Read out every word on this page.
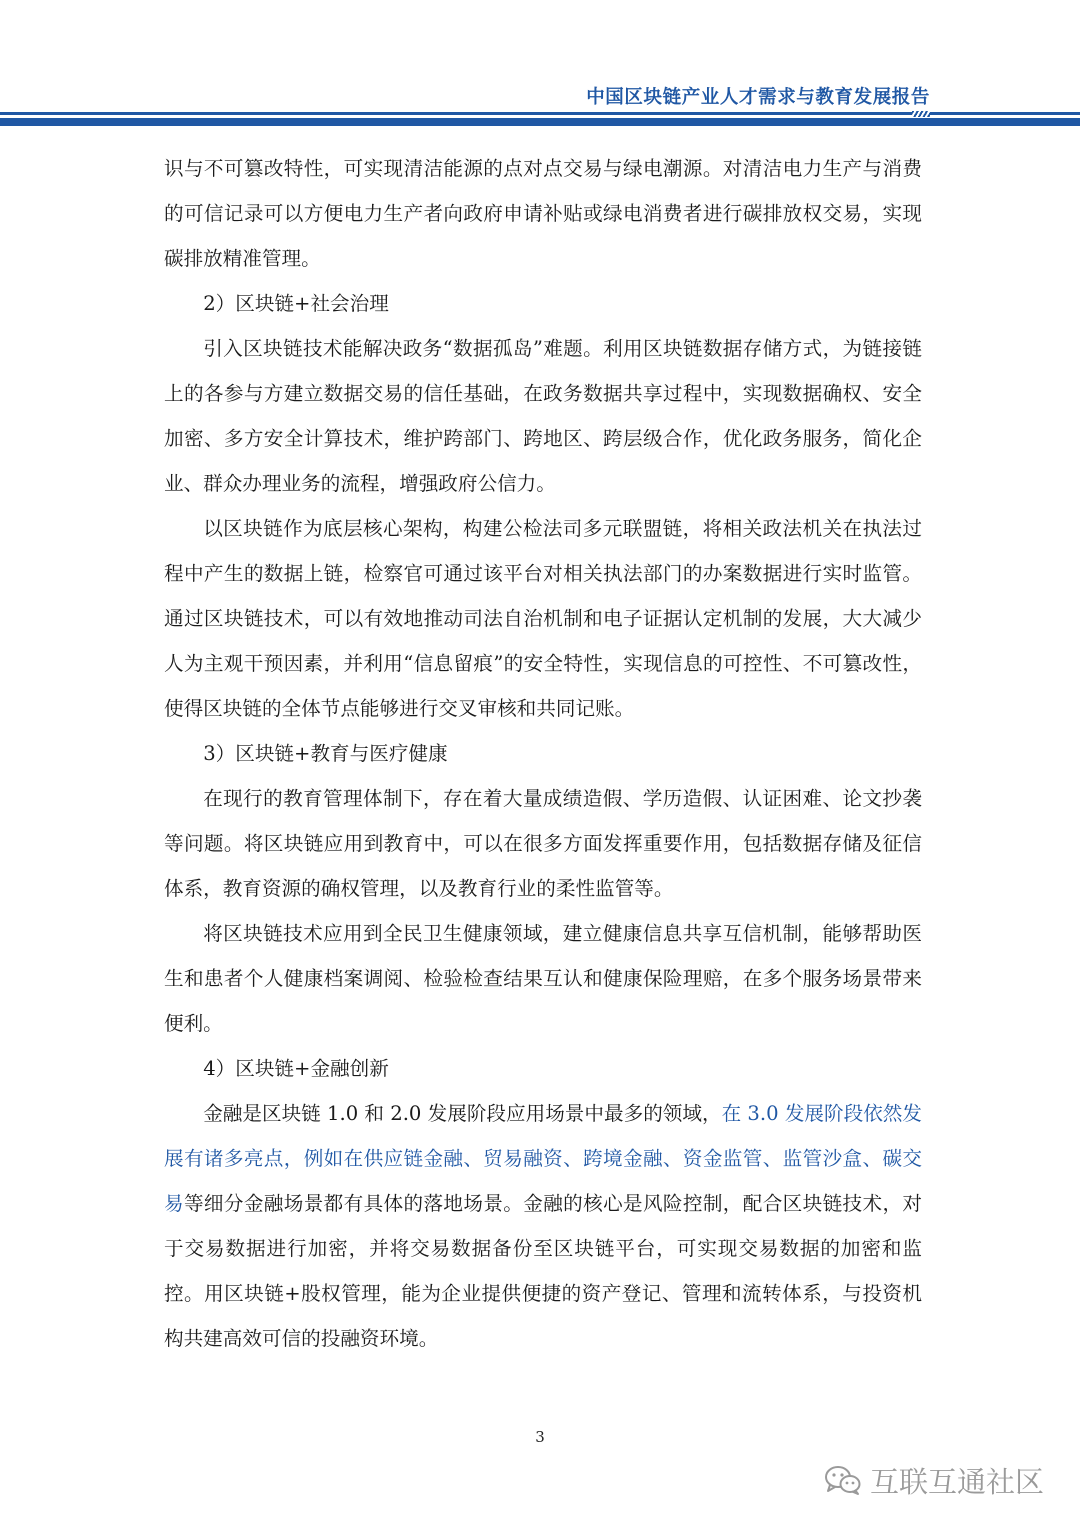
中国区块链产业人才需求与教育发展报告

识与不可篡改特性，可实现清洁能源的点对点交易与绿电潮源。对清洁电力生产与消费的可信记录可以方便电力生产者向政府申请补贴或绿电消费者进行碳排放权交易，实现碳排放精准管理。

2）区块链+社会治理

引入区块链技术能解决政务“数据孤岛”难题。利用区块链数据存储方式，为链接链上的各参与方建立数据交易的信任基础，在政务数据共享过程中，实现数据确权、安全加密、多方安全计算技术，维护跨部门、跨地区、跨层级合作，优化政务服务，简化企业、群众办理业务的流程，增强政府公信力。

以区块链作为底层核心架构，构建公检法司多元联盟链，将相关政法机关在执法过程中产生的数据上链，检察官可通过该平台对相关执法部门的办案数据进行实时监管。通过区块链技术，可以有效地推动司法自治机制和电子证据认定机制的发展，大大减少人为主观干预因素，并利用“信息留痕”的安全特性，实现信息的可控性、不可篡改性，使得区块链的全体节点能够进行交叉审核和共同记账。

3）区块链+教育与医疗健康

在现行的教育管理体制下，存在着大量成绩造假、学历造假、认证困难、论文抄袭等问题。将区块链应用到教育中，可以在很多方面发挥重要作用，包括数据存储及征信体系，教育资源的确权管理，以及教育行业的柔性监管等。

将区块链技术应用到全民卫生健康领域，建立健康信息共享互信机制，能够帮助医生和患者个人健康档案调阅、检验检查结果互认和健康保险理赔，在多个服务场景带来便利。

4）区块链+金融创新

金融是区块链 1.0 和 2.0 发展阶段应用场景中最多的领域，在 3.0 发展阶段依然发展有诸多亮点，例如在供应链金融、贸易融资、跨境金融、资金监管、监管沙盒、碳交易等细分金融场景都有具体的落地场景。金融的核心是风险控制，配合区块链技术，对于交易数据进行加密，并将交易数据备份至区块链平台，可实现交易数据的加密和监控。用区块链+股权管理，能为企业提供便捷的资产登记、管理和流转体系，与投资机构共建高效可信的投融资环境。

3
互联互通社区
